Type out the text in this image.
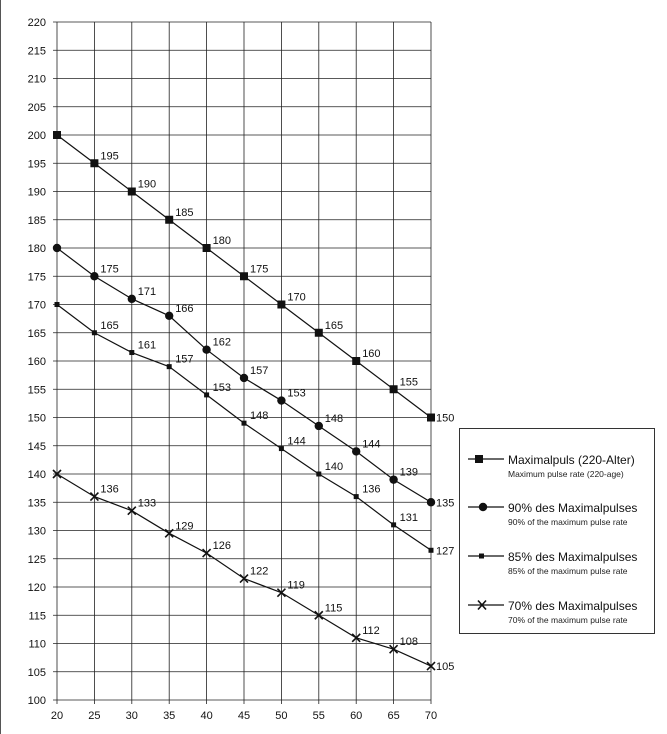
20 25 30 35 40 45 50 55 60 65 70
100
105
110
115
120
125
130
135
140
145
150
155
160
165
170
175
180
185
190
195
200
205
210
215
220
195
190
185
180
175
170
165
160
155
150
175
171
166
162
157
153
148
144
139
135
165
161
157
153
148
144
140
136
131
127
136
133
129
126
122
119
115
112
108
105
Maximalpuls (220-Alter)
Maximum pulse rate (220-age)
90% des Maximalpulses
90% of the maximum pulse rate
85% des Maximalpulses
85% of the maximum pulse rate
70% des Maximalpulses
70% of the maximum pulse rate
